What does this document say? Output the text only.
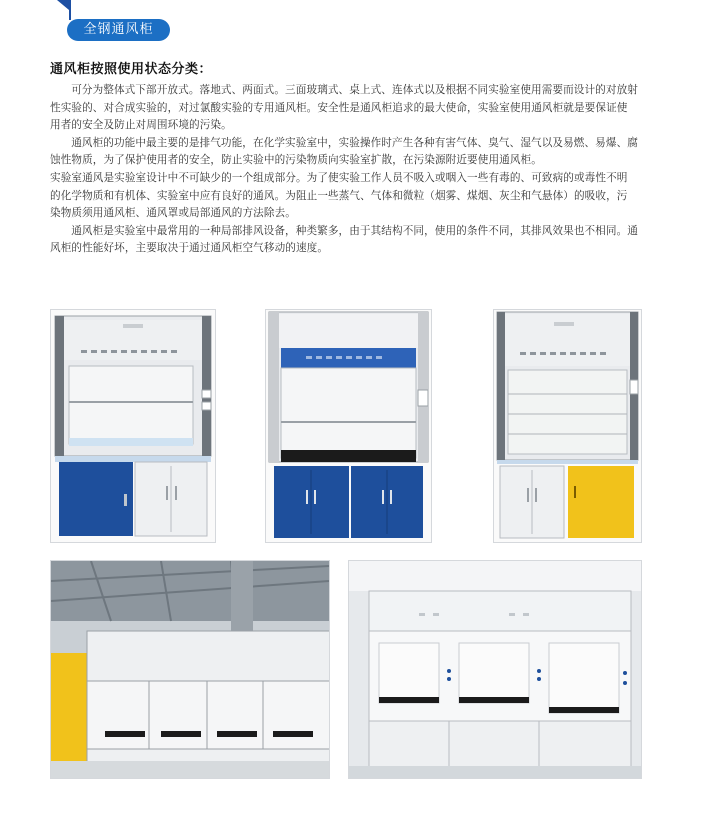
全钢通风柜
通风柜按照使用状态分类：

可分为整体式下部开放式。落地式、两面式。三面玻璃式、桌上式、连体式以及根据不同实验室使用需要而设计的对放射性实验的、对合成实验的，对过氯酸实验的专用通风柜。安全性是通风柜追求的最大使命，实验室使用通风柜就是要保证使用者的安全及防止对周围环境的污染。

通风柜的功能中最主要的是排气功能，在化学实验室中，实验操作时产生各种有害气体、臭气、湿气以及易燃、易爆、腐蚀性物质，为了保护使用者的安全，防止实验中的污染物质向实验室扩散，在污染源附近要使用通风柜。

实验室通风是实验室设计中不可缺少的一个组成部分。为了使实验工作人员不吸入或咽入一些有毒的、可致病的或毒性不明的化学物质和有机体、实验室中应有良好的通风。为阻止一些蒸气、气体和微粒（烟雾、煤烟、灰尘和气悬体）的吸收，污染物质须用通风柜、通风罩或局部通风的方法除去。

通风柜是实验室中最常用的一种局部排风设备，种类繁多，由于其结构不同，使用的条件不同，其排风效果也不相同。通风柜的性能好坏，主要取决于通过通风柜空气移动的速度。
